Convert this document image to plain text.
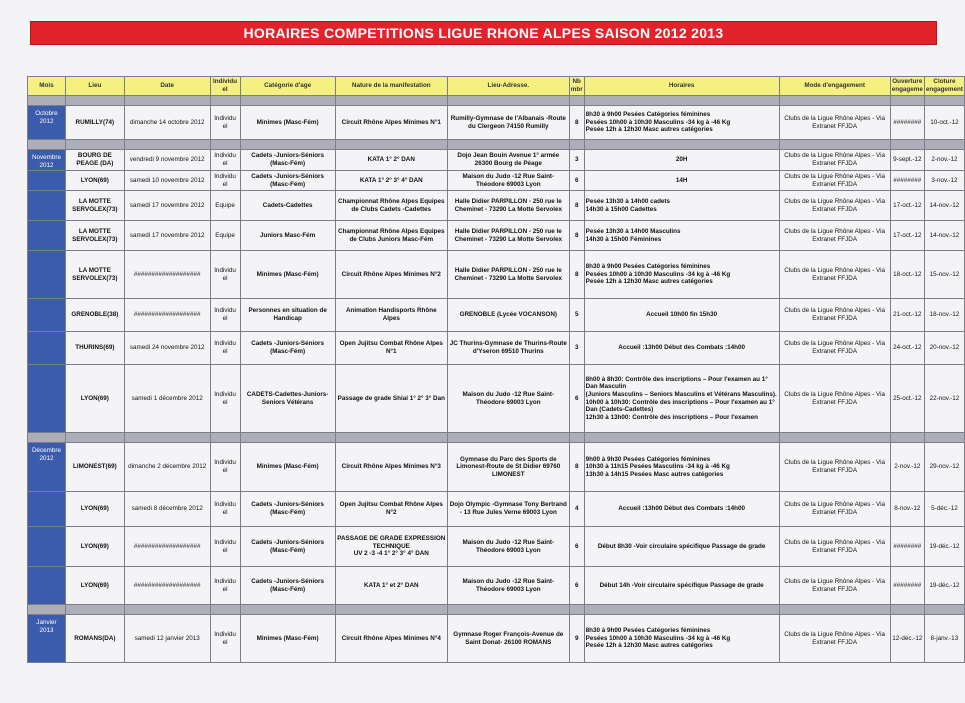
HORAIRES COMPETITIONS LIGUE RHONE ALPES SAISON 2012 2013
Mois	Lieu	Date	Individu el	Catégorie d'age	Nature de la manifestation	Lieu-Adresse.	Nb mbr	Horaires	Mode d'engagement	Ouverture engageme	Cloture engagement

Octobre 2012	RUMILLY(74)	dimanche 14 octobre 2012	Individu el	Minimes (Masc-Fém)	Circuit Rhône Alpes Minimes N°1	Rumilly-Gymnase de l'Albanais -Route du Clergeon 74150 Rumilly	8	8h30 à 9h00 Pesées Catégories féminines
Pesées 10h00 à 10h30 Masculins -34 kg à -46 Kg
Pesée 12h à 12h30 Masc autres catégories	Clubs de la Ligue Rhône Alpes - Via Extranet FFJDA	########	10-oct.-12

Novembre 2012	BOURG DE PEAGE (DA)	vendredi 9 novembre 2012	Individu el	Cadets -Juniors-Séniors (Masc-Fém)	KATA 1° 2° DAN	Dojo Jean Bouin Avenue 1° armée 26300 Bourg de Péage	3	20H	Clubs de la Ligue Rhône Alpes - Via Extranet FFJDA	9-sept.-12	2-nov.-12
	LYON(69)	samedi 10 novembre 2012	Individu el	Cadets -Juniors-Séniors (Masc-Fém)	KATA 1° 2° 3° 4° DAN	Maison du Judo -12 Rue Saint-Théodore 69003 Lyon	6	14H	Clubs de la Ligue Rhône Alpes - Via Extranet FFJDA	########	3-nov.-12
	LA MOTTE SERVOLEX(73)	samedi 17 novembre 2012	Equipe	Cadets-Cadettes	Championnat Rhône Alpes Equipes de Clubs Cadets -Cadettes	Halle Didier PARPILLON - 250 rue le Cheminet - 73290 La Motte Servolex	8	Pesée 13h30 à 14h00 cadets
14h30 à 15h00 Cadettes	Clubs de la Ligue Rhône Alpes - Via Extranet FFJDA	17-oct.-12	14-nov.-12
	LA MOTTE SERVOLEX(73)	samedi 17 novembre 2012	Equipe	Juniors Masc-Fém	Championnat Rhône Alpes Equipes de Clubs Juniors Masc-Fém	Halle Didier PARPILLON - 250 rue le Cheminet - 73290 La Motte Servolex	8	Pesée 13h30 à 14h00 Masculins
14h30 à 15h00 Féminines	Clubs de la Ligue Rhône Alpes - Via Extranet FFJDA	17-oct.-12	14-nov.-12
	LA MOTTE SERVOLEX(73)	###################	Individu el	Minimes (Masc-Fém)	Circuit Rhône Alpes Minimes N°2	Halle Didier PARPILLON - 250 rue le Cheminet - 73290 La Motte Servolex	8	8h30 à 9h00 Pesées Catégories féminines
Pesées 10h00 à 10h30 Masculins -34 kg à -46 Kg
Pesée 12h à 12h30 Masc autres catégories	Clubs de la Ligue Rhône Alpes - Via Extranet FFJDA	18-oct.-12	15-nov.-12
	GRENOBLE(38)	###################	Individu el	Personnes en situation de Handicap	Animation Handisports Rhône Alpes	GRENOBLE (Lycée VOCANSON)	5	Accueil 10h00 fin 15h30	Clubs de la Ligue Rhône Alpes - Via Extranet FFJDA	21-oct.-12	18-nov.-12
	THURINS(69)	samedi 24 novembre 2012	Individu el	Cadets -Juniors-Séniors (Masc-Fém)	Open Jujitsu Combat Rhône Alpes N°1	JC Thurins-Gymnase de Thurins-Route d'Yseron 69510 Thurins	3	Accueil :13h00 Début des Combats :14h00	Clubs de la Ligue Rhône Alpes - Via Extranet FFJDA	24-oct.-12	20-nov.-12
	LYON(69)	samedi 1 décembre 2012	Individu el	CADETS-Cadettes-Juniors-Seniors Vétérans	Passage de grade Shiai 1° 2° 3° Dan	Maison du Judo -12 Rue Saint-Théodore 69003 Lyon	6	8h00 à 8h30: Contrôle des inscriptions – Pour l'examen au 1° Dan Masculin
(Juniors Masculins – Seniors Masculins et Vétérans Masculins).
10h00 à 10h30: Contrôle des inscriptions – Pour l'examen au 1° Dan (Cadets-Cadettes)
12h30 à 13h00: Contrôle des inscriptions – Pour l'examen	Clubs de la Ligue Rhône Alpes - Via Extranet FFJDA	25-oct.-12	22-nov.-12

Décembre 2012	LIMONEST(69)	dimanche 2 décembre 2012	Individu el	Minimes (Masc-Fém)	Circuit Rhône Alpes Minimes N°3	Gymnase du Parc des Sports de Limonest-Route de St Didier 69760 LIMONEST	8	9h00 à 9h30 Pesées Catégories féminines
10h30 à 11h15 Pesées Masculins -34 kg à -46 Kg
13h30 à 14h15 Pesées Masc autres catégories	Clubs de la Ligue Rhône Alpes - Via Extranet FFJDA	2-nov.-12	29-nov.-12
	LYON(69)	samedi 8 décembre 2012	Individu el	Cadets -Juniors-Séniors (Masc-Fém)	Open Jujitsu Combat Rhône Alpes N°2	Dojo Olympic -Gymnase Tony Bertrand - 13 Rue Jules Verne 69003 Lyon	4	Accueil :13h00 Début des Combats :14h00	Clubs de la Ligue Rhône Alpes - Via Extranet FFJDA	8-nov.-12	5-déc.-12
	LYON(69)	###################	Individu el	Cadets -Juniors-Séniors (Masc-Fém)	PASSAGE DE GRADE EXPRESSION TECHNIQUE
UV 2 -3 -4 1° 2° 3° 4° DAN	Maison du Judo -12 Rue Saint-Théodore 69003 Lyon	6	Début 8h30 -Voir circulaire spécifique Passage de grade	Clubs de la Ligue Rhône Alpes - Via Extranet FFJDA	########	19-déc.-12
	LYON(69)	###################	Individu el	Cadets -Juniors-Séniors (Masc-Fém)	KATA 1° et 2° DAN	Maison du Judo -12 Rue Saint-Théodore 69003 Lyon	6	Début 14h -Voir circulaire spécifique Passage de grade	Clubs de la Ligue Rhône Alpes - Via Extranet FFJDA	########	19-déc.-12

Janvier 2013	ROMANS(DA)	samedi 12 janvier 2013	Individu el	Minimes (Masc-Fém)	Circuit Rhône Alpes Minimes N°4	Gymnase Roger François-Avenue de Saint Donat- 26100 ROMANS	9	8h30 à 9h00 Pesées Catégories féminines
Pesées 10h00 à 10h30 Masculins -34 kg à -46 Kg
Pesée 12h à 12h30 Masc autres catégories	Clubs de la Ligue Rhône Alpes - Via Extranet FFJDA	12-déc.-12	8-janv.-13
